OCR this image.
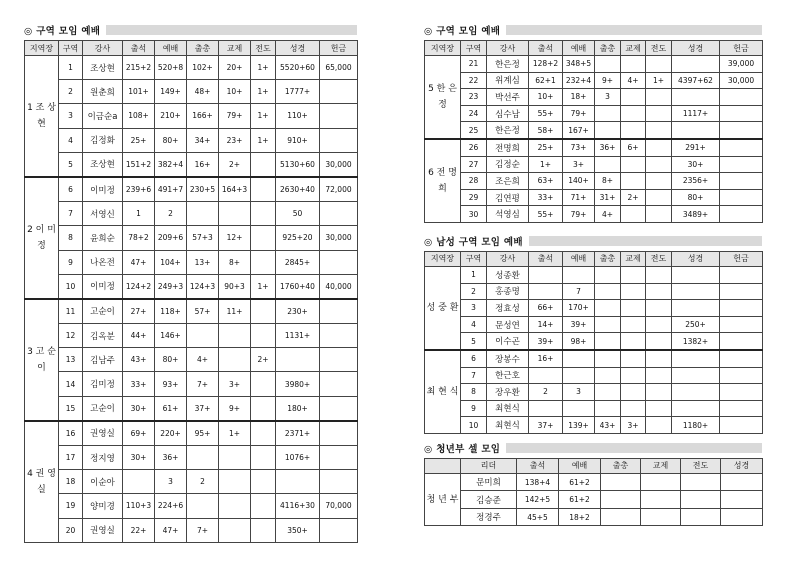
◎ 구역 모임 예배
지역장	구역	강사	출석	예배	출총	교제	전도	성경	헌금
1 조 상 현	1	조상현	215+2	520+8	102+	20+	1+	5520+60	65,000
	2	원춘희	101+	149+	48+	10+	1+	1777+	
	3	이금순a	108+	210+	166+	79+	1+	110+	
	4	김정화	25+	80+	34+	23+	1+	910+	
	5	조상현	151+2	382+4	16+	2+		5130+60	30,000
2 이 미 정	6	이미정	239+6	491+7	230+5	164+3		2630+40	72,000
	7	서영신	1	2				50	
	8	윤희순	78+2	209+6	57+3	12+		925+20	30,000
	9	나온전	47+	104+	13+	8+		2845+	
	10	이미정	124+2	249+3	124+3	90+3	1+	1760+40	40,000
3 고 순 이	11	고순이	27+	118+	57+	11+		230+	
	12	김옥분	44+	146+				1131+	
	13	김남주	43+	80+	4+		2+		
	14	김미정	33+	93+	7+	3+		3980+	
	15	고순이	30+	61+	37+	9+		180+	
4 권 영 실	16	권영실	69+	220+	95+	1+		2371+	
	17	정지영	30+	36+				1076+	
	18	이순아		3	2				
	19	양미경	110+3	224+6				4116+30	70,000
	20	권영실	22+	47+	7+			350+	
◎ 구역 모임 예배
지역장	구역	강사	출석	예배	출총	교제	전도	성경	헌금
5 한 은 정	21	한은정	128+2	348+5					39,000
	22	위계심	62+1	232+4	9+	4+	1+	4397+62	30,000
	23	박선주	10+	18+	3				
	24	심수남	55+	79+				1117+	
	25	한은정	58+	167+					
6 전 명 희	26	전명희	25+	73+	36+	6+		291+	
	27	김정순	1+	3+				30+	
	28	조은희	63+	140+	8+			2356+	
	29	김연평	33+	71+	31+	2+		80+	
	30	석영심	55+	79+	4+			3489+	
◎ 남성 구역 모임 예배
지역장	구역	강사	출석	예배	출총	교제	전도	성경	헌금
성 중 환	1	성종환							
	2	홍종명		7					
	3	정효성	66+	170+					
	4	문성연	14+	39+				250+	
	5	이수곤	39+	98+				1382+	
최 현 식	6	장봉수	16+						
	7	한근호							
	8	장우환	2	3					
	9	최현식							
	10	최현식	37+	139+	43+	3+		1180+	
◎ 청년부 셀 모임
	리더	출석	예배	출총	교제	전도	성경
청 년 부	문미희	138+4	61+2				
	김승준	142+5	61+2				
	정경주	45+5	18+2				
